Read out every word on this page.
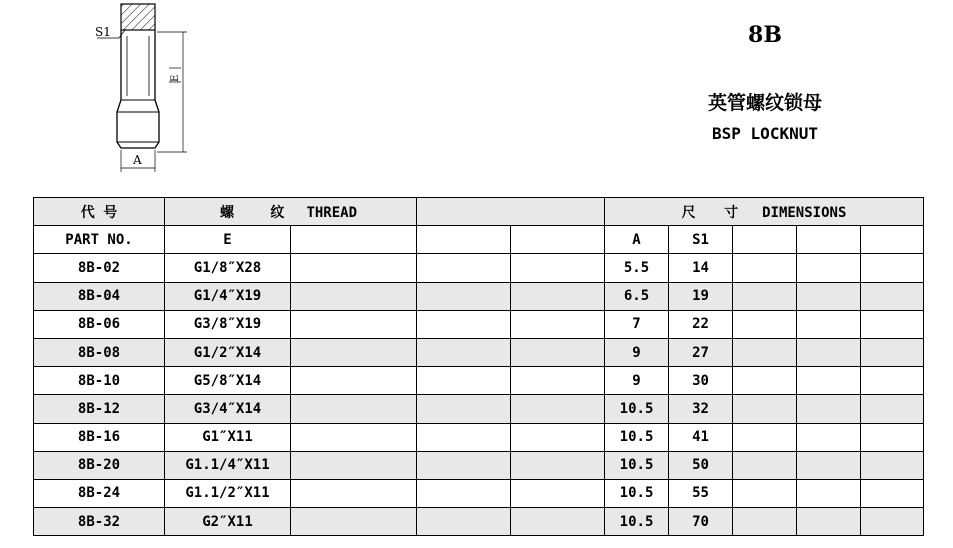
S1
E
A
8B
英管螺纹锁母
BSP LOCKNUT
代 号	螺 纹 THREAD				尺 寸 DIMENSIONS				
PART NO.	E				A	S1			
8B-02	G1/8″X28				5.5	14			
8B-04	G1/4″X19				6.5	19			
8B-06	G3/8″X19				7	22			
8B-08	G1/2″X14				9	27			
8B-10	G5/8″X14				9	30			
8B-12	G3/4″X14				10.5	32			
8B-16	G1″X11				10.5	41			
8B-20	G1.1/4″X11				10.5	50			
8B-24	G1.1/2″X11				10.5	55			
8B-32	G2″X11				10.5	70			
